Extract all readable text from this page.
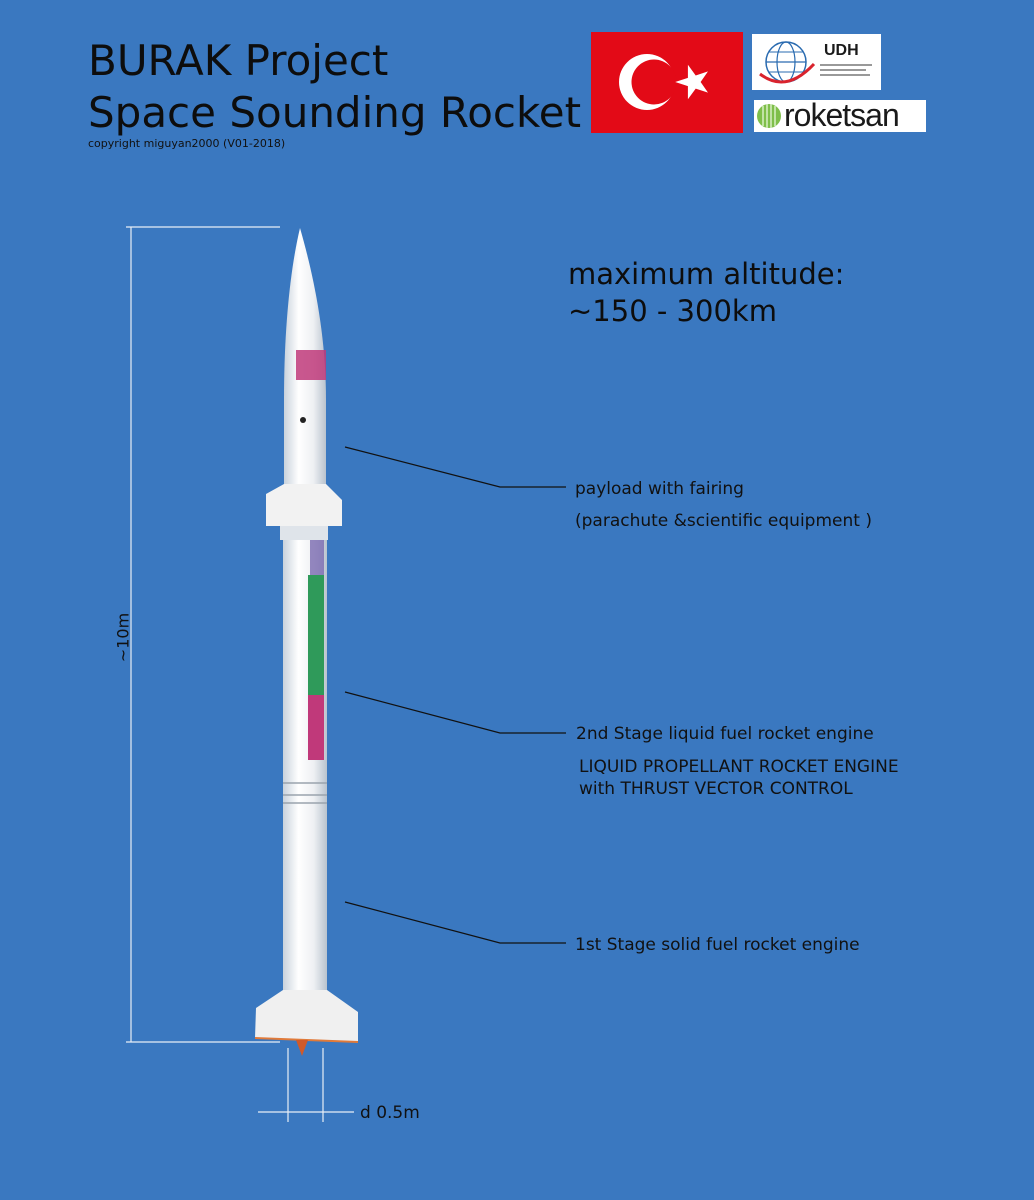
BURAK Project
Space Sounding Rocket
copyright miguyan2000 (V01-2018)
UDH
roketsan
maximum altitude:
~150 - 300km
~10m
d 0.5m
payload with fairing
(parachute &scientific equipment )
2nd Stage liquid fuel rocket engine
LIQUID PROPELLANT ROCKET ENGINE
with THRUST VECTOR CONTROL
1st Stage solid fuel rocket engine
